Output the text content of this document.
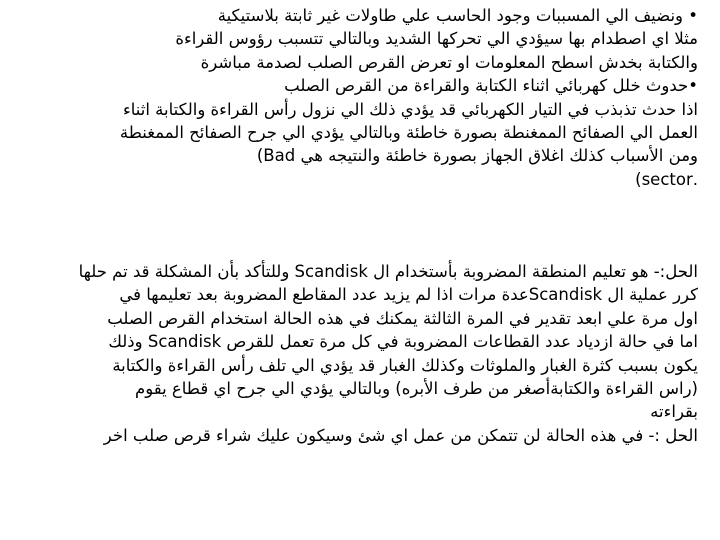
• ونضيف الي المسببات وجود الحاسب علي طاولات غير ثابتة بلاستيكية
مثلا اي اصطدام بها سيؤدي الي تحركها الشديد وبالتالي تتسبب رؤوس القراءة
والكتابة بخدش اسطح المعلومات او تعرض القرص الصلب لصدمة مباشرة
•حدوث خلل كهربائي اثناء الكتابة والقراءة من القرص الصلب
اذا حدث تذبذب في التيار الكهربائي قد يؤدي ذلك الي نزول رأس القراءة والكتابة اثناء
العمل الي الصفائح الممغنطة بصورة خاطئة وبالتالي يؤدي الي جرح الصفائح الممغنطة
ومن الأسباب كذلك اغلاق الجهاز بصورة خاطئة والنتيجه هي Bad)
.sector)
الحل:- هو تعليم المنطقة المضروبة بأستخدام ال Scandisk وللتأكد بأن المشكلة قد تم حلها
كرر عملية ال Scandiskعدة مرات اذا لم يزيد عدد المقاطع المضروبة بعد تعليمها في
اول مرة علي ابعد تقدير في المرة الثالثة يمكنك في هذه الحالة استخدام القرص الصلب
اما في حالة ازدياد عدد القطاعات المضروبة في كل مرة تعمل للقرص Scandisk وذلك
يكون بسبب كثرة الغبار والملوثات وكذلك الغبار قد يؤدي الي تلف رأس القراءة والكتابة
(راس القراءة والكتابةأصغر من طرف الأبره) وبالتالي يؤدي الي جرح اي قطاع يقوم
بقراءته
الحل :- في هذه الحالة لن تتمكن من عمل اي شئ وسيكون عليك شراء قرص صلب اخر
